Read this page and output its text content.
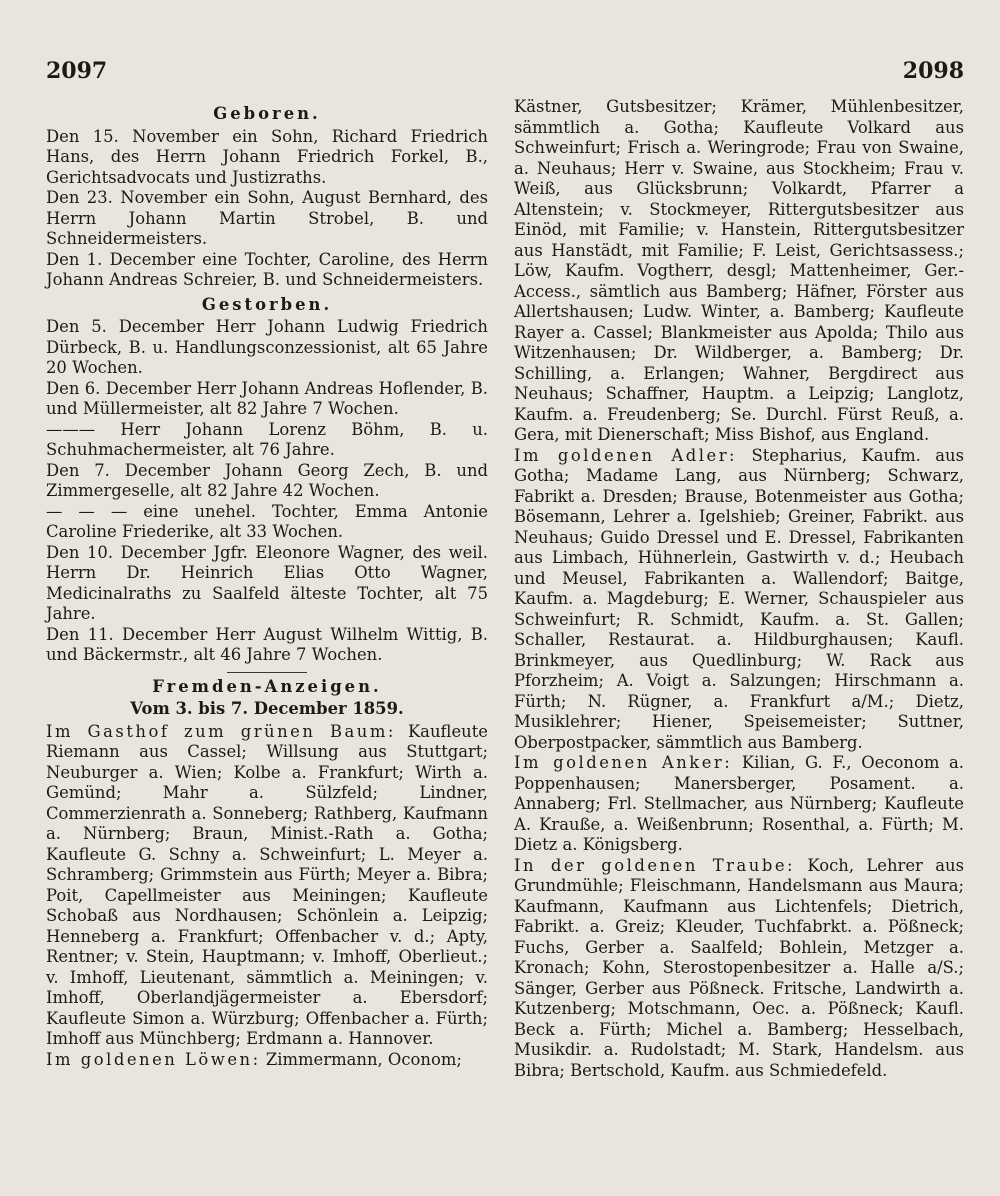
2097	2098
Geboren.
Den 15. November ein Sohn, Richard Friedrich Hans, des Herrn Johann Friedrich Forkel, B., Gerichtsadvocats und Justizraths.
Den 23. November ein Sohn, August Bernhard, des Herrn Johann Martin Strobel, B. und Schneidermeisters.
Den 1. December eine Tochter, Caroline, des Herrn Johann Andreas Schreier, B. und Schneidermeisters.
Gestorben.
Den 5. December Herr Johann Ludwig Friedrich Dürbeck, B. u. Handlungsconzessionist, alt 65 Jahre 20 Wochen.
Den 6. December Herr Johann Andreas Hoflender, B. und Müllermeister, alt 82 Jahre 7 Wochen.
——— Herr Johann Lorenz Böhm, B. u. Schuhmachermeister, alt 76 Jahre.
Den 7. December Johann Georg Zech, B. und Zimmergeselle, alt 82 Jahre 42 Wochen.
— — — eine unehel. Tochter, Emma Antonie Caroline Friederike, alt 33 Wochen.
Den 10. December Jgfr. Eleonore Wagner, des weil. Herrn Dr. Heinrich Elias Otto Wagner, Medicinalraths zu Saalfeld älteste Tochter, alt 75 Jahre.
Den 11. December Herr August Wilhelm Wittig, B. und Bäckermstr., alt 46 Jahre 7 Wochen.
Fremden-Anzeigen.
Vom 3. bis 7. December 1859.
Im Gasthof zum grünen Baum: Kaufleute Riemann aus Cassel; Willsung aus Stuttgart; Neuburger a. Wien; Kolbe a. Frankfurt; Wirth a. Gemünd; Mahr a. Sülzfeld; Lindner, Commerzienrath a. Sonneberg; Rathberg, Kaufmann a. Nürnberg; Braun, Minist.-Rath a. Gotha; Kaufleute G. Schny a. Schweinfurt; L. Meyer a. Schramberg; Grimmstein aus Fürth; Meyer a. Bibra; Poit, Capellmeister aus Meiningen; Kaufleute Schobaß aus Nordhausen; Schönlein a. Leipzig; Henneberg a. Frankfurt; Offenbacher v. d.; Apty, Rentner; v. Stein, Hauptmann; v. Imhoff, Oberlieut.; v. Imhoff, Lieutenant, sämmtlich a. Meiningen; v. Imhoff, Oberlandjägermeister a. Ebersdorf; Kaufleute Simon a. Würzburg; Offenbacher a. Fürth; Imhoff aus Münchberg; Erdmann a. Hannover.
Im goldenen Löwen: Zimmermann, Oconom;
Kästner, Gutsbesitzer; Krämer, Mühlenbesitzer, sämmtlich a. Gotha; Kaufleute Volkard aus Schweinfurt; Frisch a. Weringrode; Frau von Swaine, a. Neuhaus; Herr v. Swaine, aus Stockheim; Frau v. Weiß, aus Glücksbrunn; Volkardt, Pfarrer a Altenstein; v. Stockmeyer, Rittergutsbesitzer aus Einöd, mit Familie; v. Hanstein, Rittergutsbesitzer aus Hanstädt, mit Familie; F. Leist, Gerichtsassess.; Löw, Kaufm. Vogtherr, desgl; Mattenheimer, Ger.-Access., sämtlich aus Bamberg; Häfner, Förster aus Allertshausen; Ludw. Winter, a. Bamberg; Kaufleute Rayer a. Cassel; Blankmeister aus Apolda; Thilo aus Witzenhausen; Dr. Wildberger, a. Bamberg; Dr. Schilling, a. Erlangen; Wahner, Bergdirect aus Neuhaus; Schaffner, Hauptm. a Leipzig; Langlotz, Kaufm. a. Freudenberg; Se. Durchl. Fürst Reuß, a. Gera, mit Dienerschaft; Miss Bishof, aus England.
Im goldenen Adler: Stepharius, Kaufm. aus Gotha; Madame Lang, aus Nürnberg; Schwarz, Fabrikt a. Dresden; Brause, Botenmeister aus Gotha; Bösemann, Lehrer a. Igelshieb; Greiner, Fabrikt. aus Neuhaus; Guido Dressel und E. Dressel, Fabrikanten aus Limbach, Hühnerlein, Gastwirth v. d.; Heubach und Meusel, Fabrikanten a. Wallendorf; Baitge, Kaufm. a. Magdeburg; E. Werner, Schauspieler aus Schweinfurt; R. Schmidt, Kaufm. a. St. Gallen; Schaller, Restaurat. a. Hildburghausen; Kaufl. Brinkmeyer, aus Quedlinburg; W. Rack aus Pforzheim; A. Voigt a. Salzungen; Hirschmann a. Fürth; N. Rügner, a. Frankfurt a/M.; Dietz, Musiklehrer; Hiener, Speisemeister; Suttner, Oberpostpacker, sämmtlich aus Bamberg.
Im goldenen Anker: Kilian, G. F., Oeconom a. Poppenhausen; Manersberger, Posament. a. Annaberg; Frl. Stellmacher, aus Nürnberg; Kaufleute A. Krauße, a. Weißenbrunn; Rosenthal, a. Fürth; M. Dietz a. Königsberg.
In der goldenen Traube: Koch, Lehrer aus Grundmühle; Fleischmann, Handelsmann aus Maura; Kaufmann, Kaufmann aus Lichtenfels; Dietrich, Fabrikt. a. Greiz; Kleuder, Tuchfabrkt. a. Pößneck; Fuchs, Gerber a. Saalfeld; Bohlein, Metzger a. Kronach; Kohn, Sterostopenbesitzer a. Halle a/S.; Sänger, Gerber aus Pößneck. Fritsche, Landwirth a. Kutzenberg; Motschmann, Oec. a. Pößneck; Kaufl. Beck a. Fürth; Michel a. Bamberg; Hesselbach, Musikdir. a. Rudolstadt; M. Stark, Handelsm. aus Bibra; Bertschold, Kaufm. aus Schmiedefeld.
